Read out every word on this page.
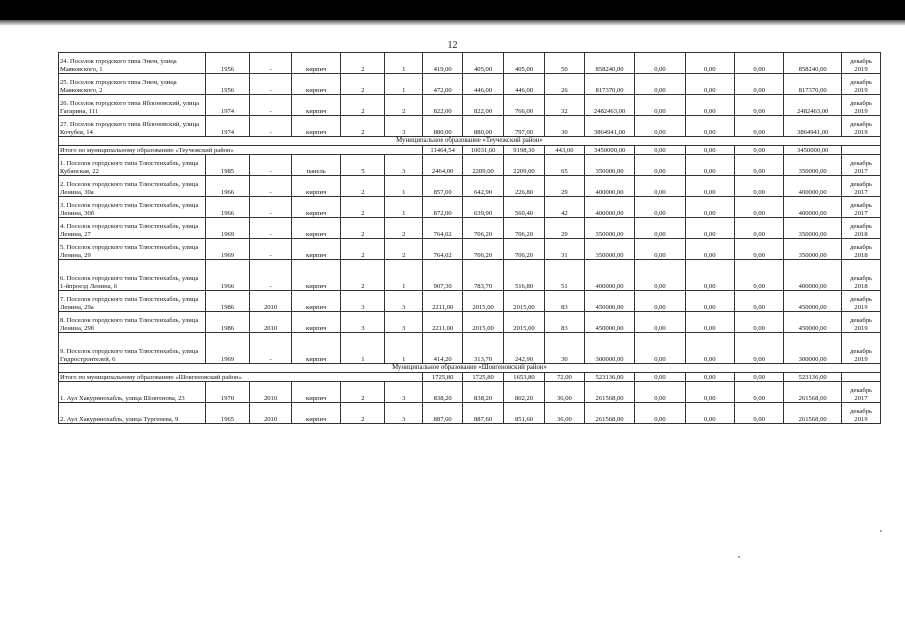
12
24. Поселок городского типа Энем, улица Маяковского, 1	1956	-	кирпич	2	1	419,00	405,00	405,00	50	858240,00	0,00	0,00	0,00	858240,00	декабрь 2019
25. Поселок городского типа Энем, улица Маяковского, 2	1956	-	кирпич	2	1	472,00	446,00	446,00	26	817370,00	0,00	0,00	0,00	817370,00	декабрь 2019
26. Поселок городского типа Яблоновский, улица Гагарина, 111	1974	-	кирпич	2	2	822,00	822,00	766,00	32	2482463,00	0,00	0,00	0,00	2482463,00	декабрь 2019
27. Поселок городского типа Яблоновский, улица Кочубея, 14	1974	-	кирпич	2	3	880,00	880,00	797,00	30	3864941,00	0,00	0,00	0,00	3864941,00	декабрь 2019
Муниципальное образование «Теучежский район»															
Итого по муниципальному образованию «Теучежский район»						11464,54	10031,60	9198,30	443,00	3450000,00	0,00	0,00	0,00	3450000,00	
1. Поселок городского типа Тлюстенхабль, улица Кубанская, 22	1985	-	панель	5	3	2464,00	2209,00	2209,00	65	350000,00	0,00	0,00	0,00	350000,00	декабрь 2017
2. Поселок городского типа Тлюстенхабль, улица Ленина, 30а	1966	-	кирпич	2	1	857,00	642,90	226,80	29	400000,00	0,00	0,00	0,00	400000,00	декабрь 2017
3. Поселок городского типа Тлюстенхабль, улица Ленина, 30б	1966	-	кирпич	2	1	872,00	639,90	560,40	42	400000,00	0,00	0,00	0,00	400000,00	декабрь 2017
4. Поселок городского типа Тлюстенхабль, улица Ленина, 27	1969	-	кирпич	2	2	764,02	706,20	706,20	29	350000,00	0,00	0,00	0,00	350000,00	декабрь 2018
5. Поселок городского типа Тлюстенхабль, улица Ленина, 29	1969	-	кирпич	2	2	764,02	706,20	706,20	31	350000,00	0,00	0,00	0,00	350000,00	декабрь 2018
6. Поселок городского типа Тлюстенхабль, улица 1-йпроезд Ленина, 6	1966	-	кирпич	2	1	907,30	783,70	516,80	51	400000,00	0,00	0,00	0,00	400000,00	декабрь 2018
7. Поселок городского типа Тлюстенхабль, улица Ленина, 29а	1986	2010	кирпич	3	3	2211,00	2015,00	2015,00	83	450000,00	0,00	0,00	0,00	450000,00	декабрь 2019
8. Поселок городского типа Тлюстенхабль, улица Ленина, 29б	1986	2010	кирпич	3	3	2211,00	2015,00	2015,00	83	450000,00	0,00	0,00	0,00	450000,00	декабрь 2019
9. Поселок городского типа Тлюстенхабль, улица Гидростроителей, 6	1969	-	кирпич	1	1	414,20	313,70	242,90	30	300000,00	0,00	0,00	0,00	300000,00	декабрь 2019
Муниципальное образование «Шовгеновский район»															
Итого по муниципальному образованию «Шовгеновский район»						1725,80	1725,80	1653,80	72,00	523136,00	0,00	0,00	0,00	523136,00	
1. Аул Хакуринохабль, улица Шовгенова, 23	1970	2010	кирпич	2	3	838,20	838,20	802,20	36,00	261568,00	0,00	0,00	0,00	261568,00	декабрь 2017
2. Аул Хакуринохабль, улица Тургенева, 9	1965	2010	кирпич	2	3	887,60	887,60	851,60	36,00	261568,00	0,00	0,00	0,00	261568,00	декабрь 2019
